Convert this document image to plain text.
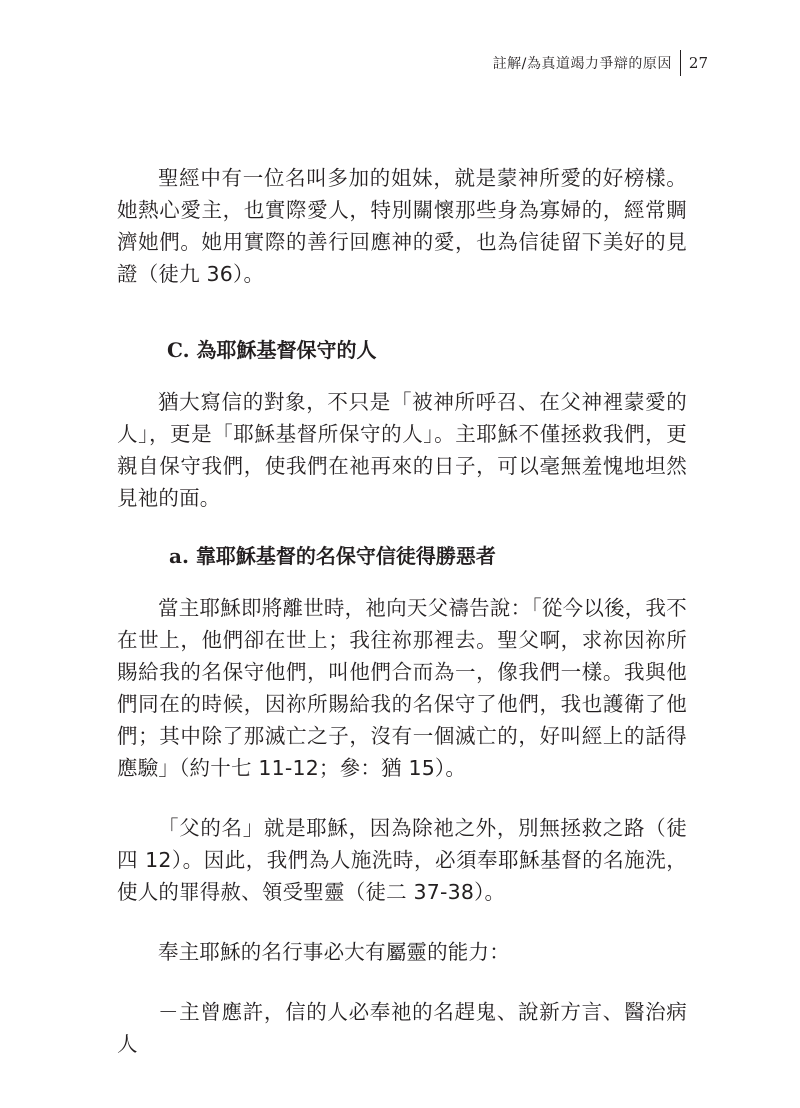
註解/為真道竭力爭辯的原因	27

聖經中有一位名叫多加的姐妹，就是蒙神所愛的好榜樣。她熱心愛主，也實際愛人，特別關懷那些身為寡婦的，經常賙濟她們。她用實際的善行回應神的愛，也為信徒留下美好的見證（徒九 36）。

C. 為耶穌基督保守的人

猶大寫信的對象，不只是「被神所呼召、在父神裡蒙愛的人」，更是「耶穌基督所保守的人」。主耶穌不僅拯救我們，更親自保守我們，使我們在祂再來的日子，可以毫無羞愧地坦然見祂的面。

a. 靠耶穌基督的名保守信徒得勝惡者

當主耶穌即將離世時，祂向天父禱告說：「從今以後，我不在世上，他們卻在世上；我往祢那裡去。聖父啊，求祢因祢所賜給我的名保守他們，叫他們合而為一，像我們一樣。我與他們同在的時候，因祢所賜給我的名保守了他們，我也護衛了他們；其中除了那滅亡之子，沒有一個滅亡的，好叫經上的話得應驗」（約十七 11-12；參：猶 15）。

「父的名」就是耶穌，因為除祂之外，別無拯救之路（徒四 12）。因此，我們為人施洗時，必須奉耶穌基督的名施洗，使人的罪得赦、領受聖靈（徒二 37-38）。

奉主耶穌的名行事必大有屬靈的能力：

－主曾應許，信的人必奉祂的名趕鬼、說新方言、醫治病人
